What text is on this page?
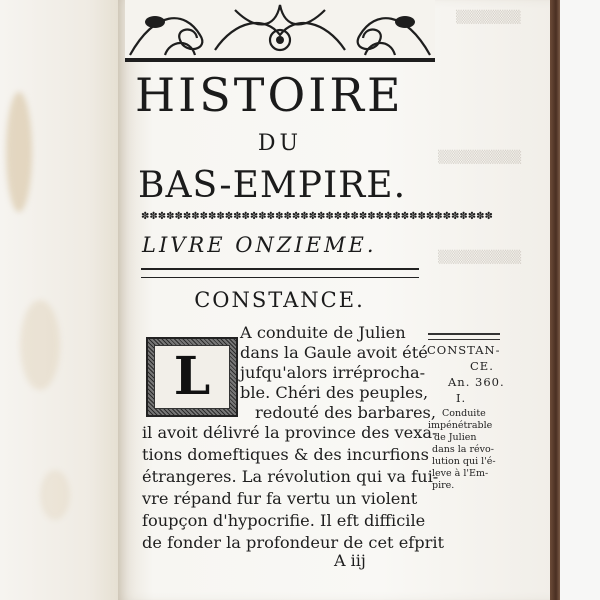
▒▒▒▒▒▒▒
▒▒▒▒▒▒▒▒▒
▒▒▒▒▒▒▒▒▒
HISTOIRE
DU
BAS-EMPIRE.
✽✽✽✽✽✽✽✽✽✽✽✽✽✽✽✽✽✽✽✽✽✽✽✽✽✽✽✽✽✽✽✽✽✽✽✽✽✽✽✽✽✽
LIVRE ONZIEME.
CONSTANCE.
L
A conduite de Julien
dans la Gaule avoit été
jufqu'alors irréprocha-
ble. Chéri des peuples,
redouté des barbares,
il avoit délivré la province des vexa-
tions domeftiques & des incurfions
étrangeres. La révolution qui va fui-
vre répand fur fa vertu un violent
foupçon d'hypocrifie. Il eft difficile
de fonder la profondeur de cet efprit
A iij
CONSTAN-
CE.
An. 360.
I.
Conduite
impénétrable
de Julien
dans la révo-
lution qui l'é-
leve à l'Em-
pire.
